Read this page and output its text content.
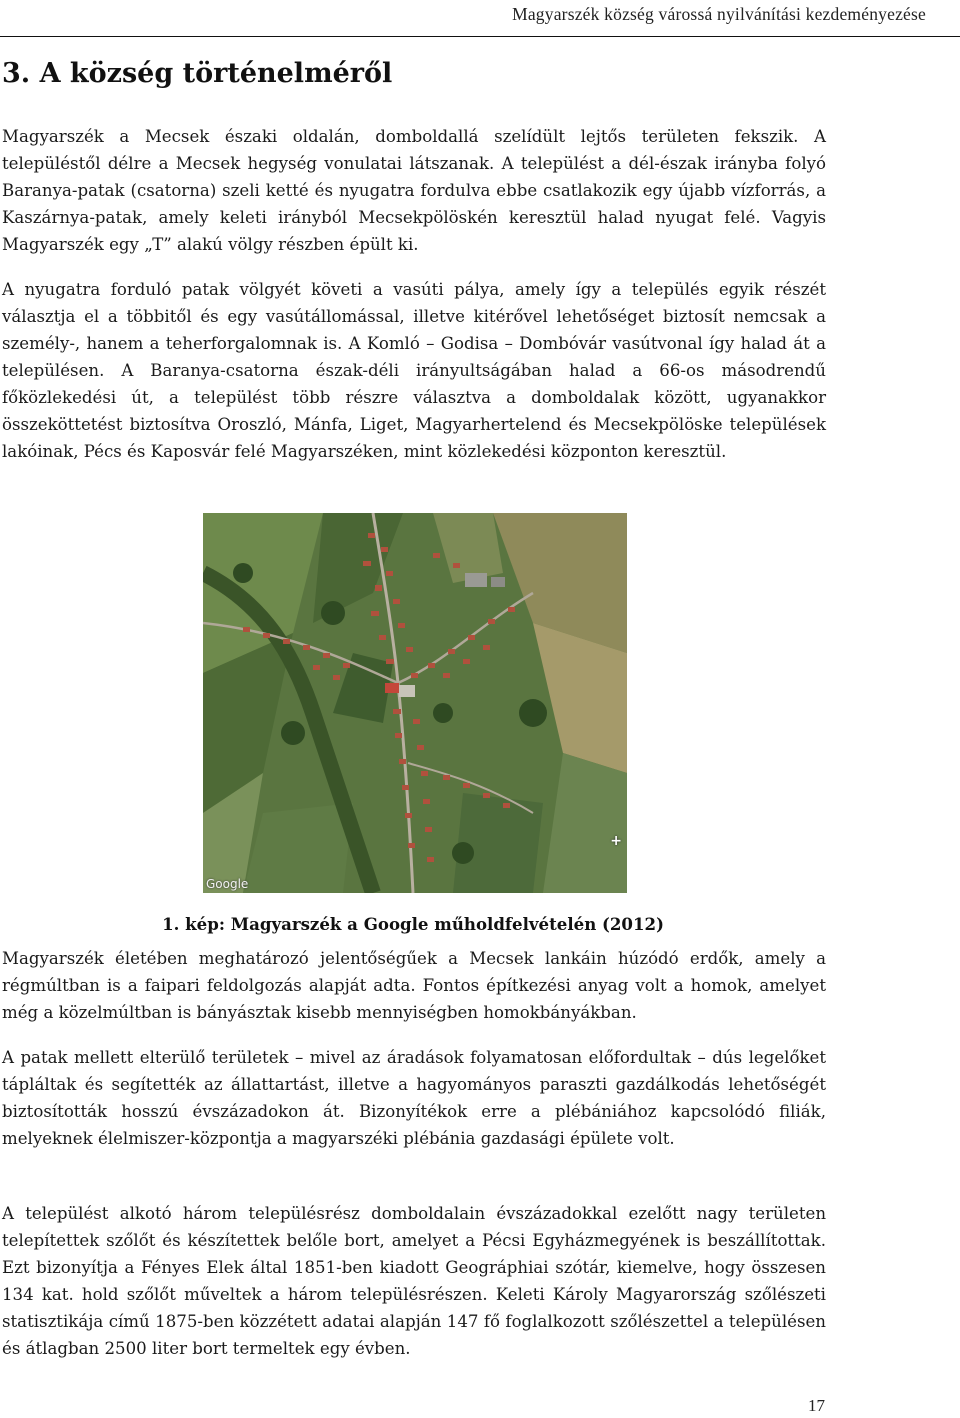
Magyarszék község várossá nyilvánítási kezdeményezése
3. A község történelméről

Magyarszék a Mecsek északi oldalán, domboldallá szelídült lejtős területen fekszik. A településtől délre a Mecsek hegység vonulatai látszanak. A települést a dél-észak irányba folyó Baranya-patak (csatorna) szeli ketté és nyugatra fordulva ebbe csatlakozik egy újabb vízforrás, a Kaszárnya-patak, amely keleti irányból Mecsekpölöskén keresztül halad nyugat felé. Vagyis Magyarszék egy „T” alakú völgy részben épült ki.

A nyugatra forduló patak völgyét követi a vasúti pálya, amely így a település egyik részét választja el a többitől és egy vasútállomással, illetve kitérővel lehetőséget biztosít nemcsak a személy-, hanem a teherforgalomnak is. A Komló – Godisa – Dombóvár vasútvonal így halad át a településen. A Baranya-csatorna észak-déli irányultságában halad a 66-os másodrendű főközlekedési út, a települést több részre választva a domboldalak között, ugyanakkor összeköttetést biztosítva Oroszló, Mánfa, Liget, Magyarhertelend és Mecsekpölöske települések lakóinak, Pécs és Kaposvár felé Magyarszéken, mint közlekedési központon keresztül.

Google
+

1. kép: Magyarszék a Google műholdfelvételén (2012)

Magyarszék életében meghatározó jelentőségűek a Mecsek lankáin húzódó erdők, amely a régmúltban is a faipari feldolgozás alapját adta. Fontos építkezési anyag volt a homok, amelyet még a közelmúltban is bányásztak kisebb mennyiségben homokbányákban.

A patak mellett elterülő területek – mivel az áradások folyamatosan előfordultak – dús legelőket tápláltak és segítették az állattartást, illetve a hagyományos paraszti gazdálkodás lehetőségét biztosították hosszú évszázadokon át. Bizonyítékok erre a plébániához kapcsolódó filiák, melyeknek élelmiszer-központja a magyarszéki plébánia gazdasági épülete volt.

A települést alkotó három településrész domboldalain évszázadokkal ezelőtt nagy területen telepítettek szőlőt és készítettek belőle bort, amelyet a Pécsi Egyházmegyének is beszállítottak. Ezt bizonyítja a Fényes Elek által 1851-ben kiadott Geográphiai szótár, kiemelve, hogy összesen 134 kat. hold szőlőt műveltek a három településrészen. Keleti Károly Magyarország szőlészeti statisztikája című 1875-ben közzétett adatai alapján 147 fő foglalkozott szőlészettel a településen és átlagban 2500 liter bort termeltek egy évben.

17
